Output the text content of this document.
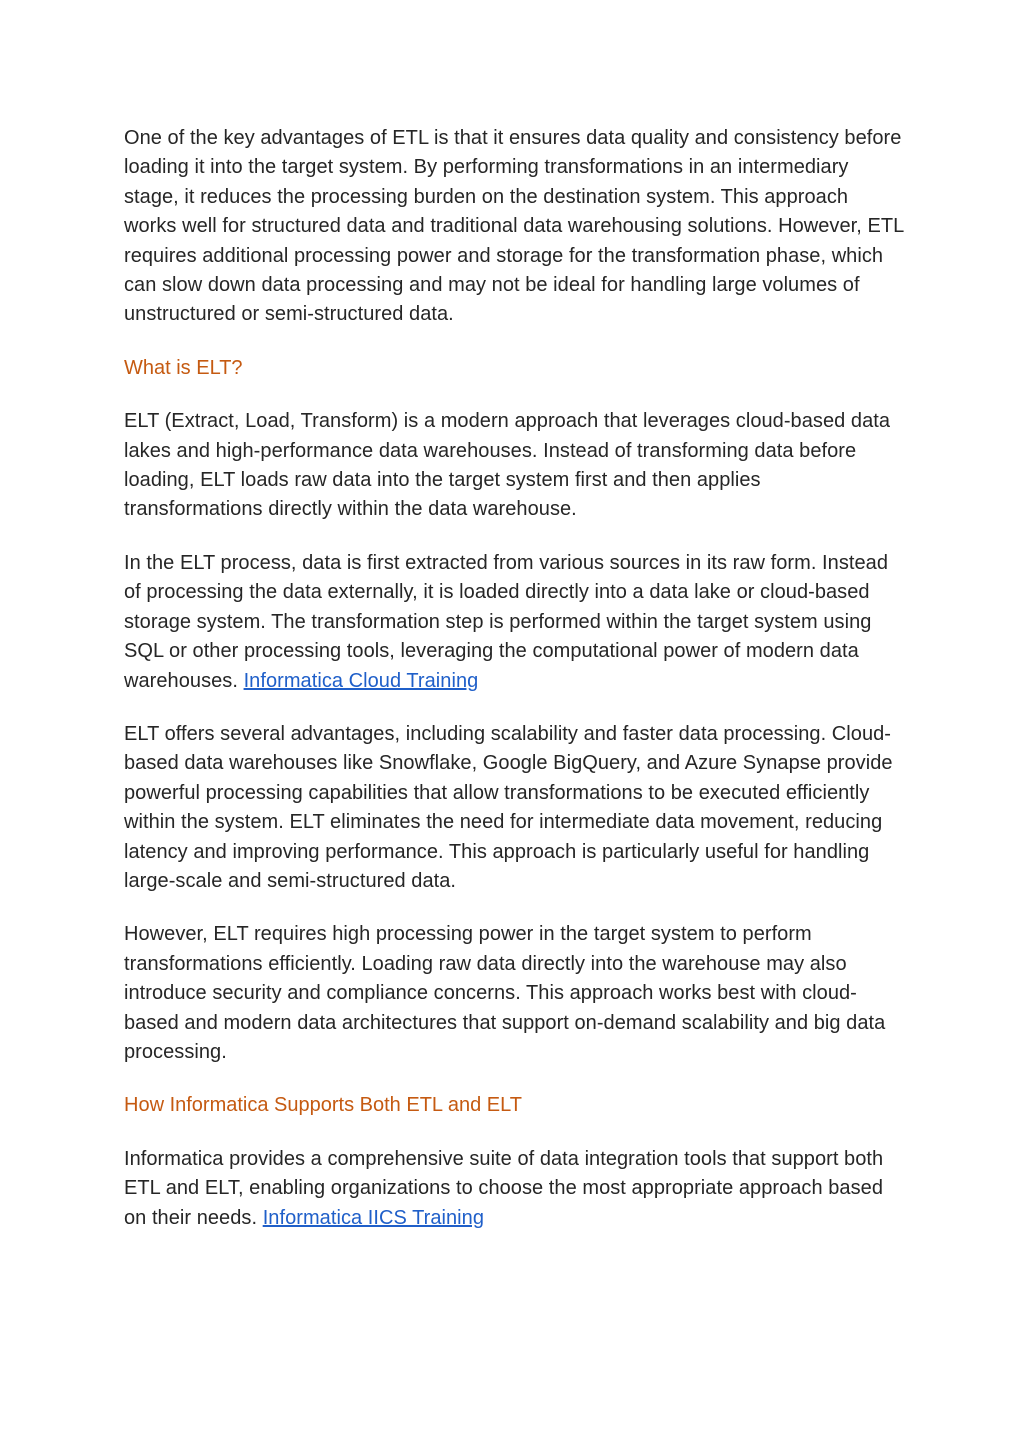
One of the key advantages of ETL is that it ensures data quality and consistency before loading it into the target system. By performing transformations in an intermediary stage, it reduces the processing burden on the destination system. This approach works well for structured data and traditional data warehousing solutions. However, ETL requires additional processing power and storage for the transformation phase, which can slow down data processing and may not be ideal for handling large volumes of unstructured or semi-structured data.

What is ELT?

ELT (Extract, Load, Transform) is a modern approach that leverages cloud-based data lakes and high-performance data warehouses. Instead of transforming data before loading, ELT loads raw data into the target system first and then applies transformations directly within the data warehouse.

In the ELT process, data is first extracted from various sources in its raw form. Instead of processing the data externally, it is loaded directly into a data lake or cloud-based storage system. The transformation step is performed within the target system using SQL or other processing tools, leveraging the computational power of modern data warehouses. Informatica Cloud Training

ELT offers several advantages, including scalability and faster data processing. Cloud-based data warehouses like Snowflake, Google BigQuery, and Azure Synapse provide powerful processing capabilities that allow transformations to be executed efficiently within the system. ELT eliminates the need for intermediate data movement, reducing latency and improving performance. This approach is particularly useful for handling large-scale and semi-structured data.

However, ELT requires high processing power in the target system to perform transformations efficiently. Loading raw data directly into the warehouse may also introduce security and compliance concerns. This approach works best with cloud-based and modern data architectures that support on-demand scalability and big data processing.

How Informatica Supports Both ETL and ELT

Informatica provides a comprehensive suite of data integration tools that support both ETL and ELT, enabling organizations to choose the most appropriate approach based on their needs. Informatica IICS Training
